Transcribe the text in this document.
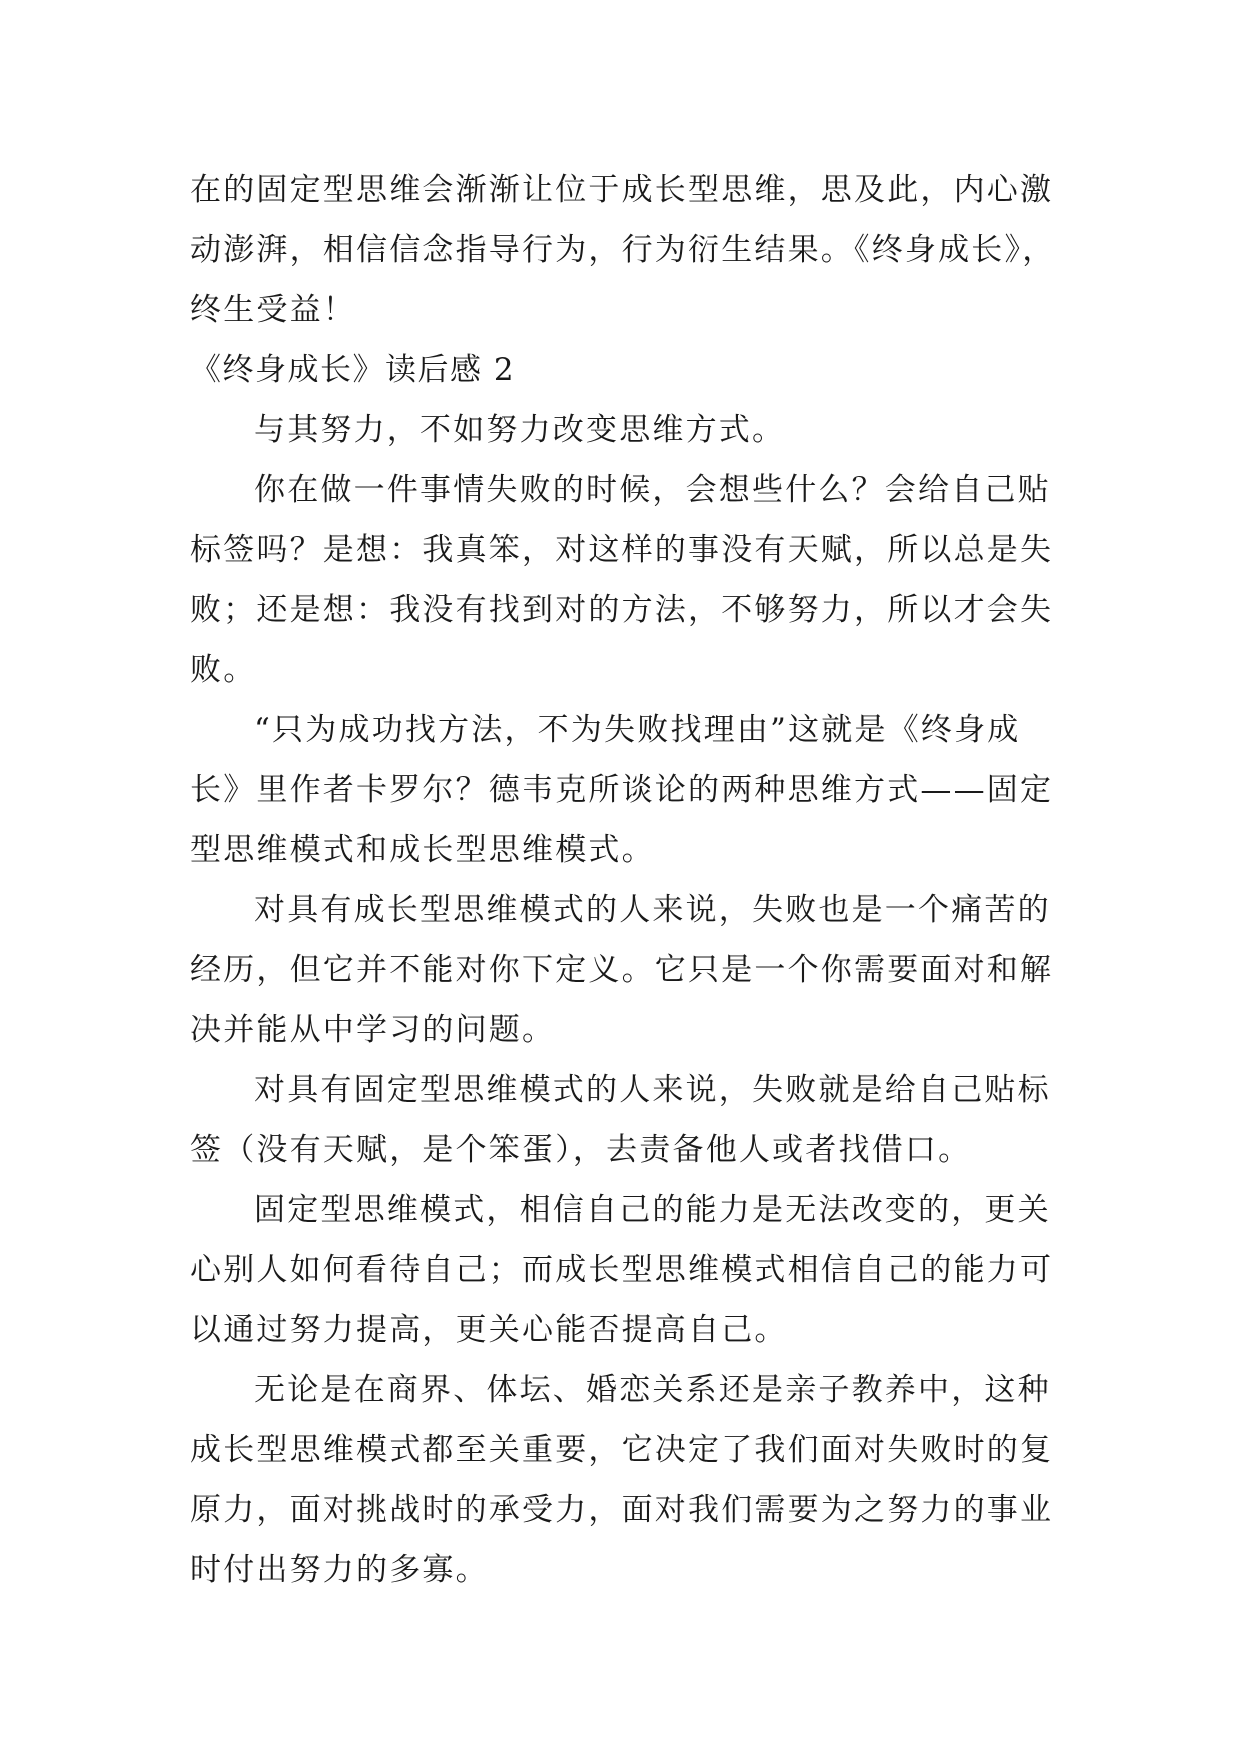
在的固定型思维会渐渐让位于成长型思维，思及此，内心激

动澎湃，相信信念指导行为，行为衍生结果。《终身成长》，

终生受益！

《终身成长》读后感 2

与其努力，不如努力改变思维方式。

你在做一件事情失败的时候，会想些什么？会给自己贴

标签吗？是想：我真笨，对这样的事没有天赋，所以总是失

败；还是想：我没有找到对的方法，不够努力，所以才会失

败。

“只为成功找方法，不为失败找理由”这就是《终身成

长》里作者卡罗尔？德韦克所谈论的两种思维方式——固定

型思维模式和成长型思维模式。

对具有成长型思维模式的人来说，失败也是一个痛苦的

经历，但它并不能对你下定义。它只是一个你需要面对和解

决并能从中学习的问题。

对具有固定型思维模式的人来说，失败就是给自己贴标

签（没有天赋，是个笨蛋），去责备他人或者找借口。

固定型思维模式，相信自己的能力是无法改变的，更关

心别人如何看待自己；而成长型思维模式相信自己的能力可

以通过努力提高，更关心能否提高自己。

无论是在商界、体坛、婚恋关系还是亲子教养中，这种

成长型思维模式都至关重要，它决定了我们面对失败时的复

原力，面对挑战时的承受力，面对我们需要为之努力的事业

时付出努力的多寡。
